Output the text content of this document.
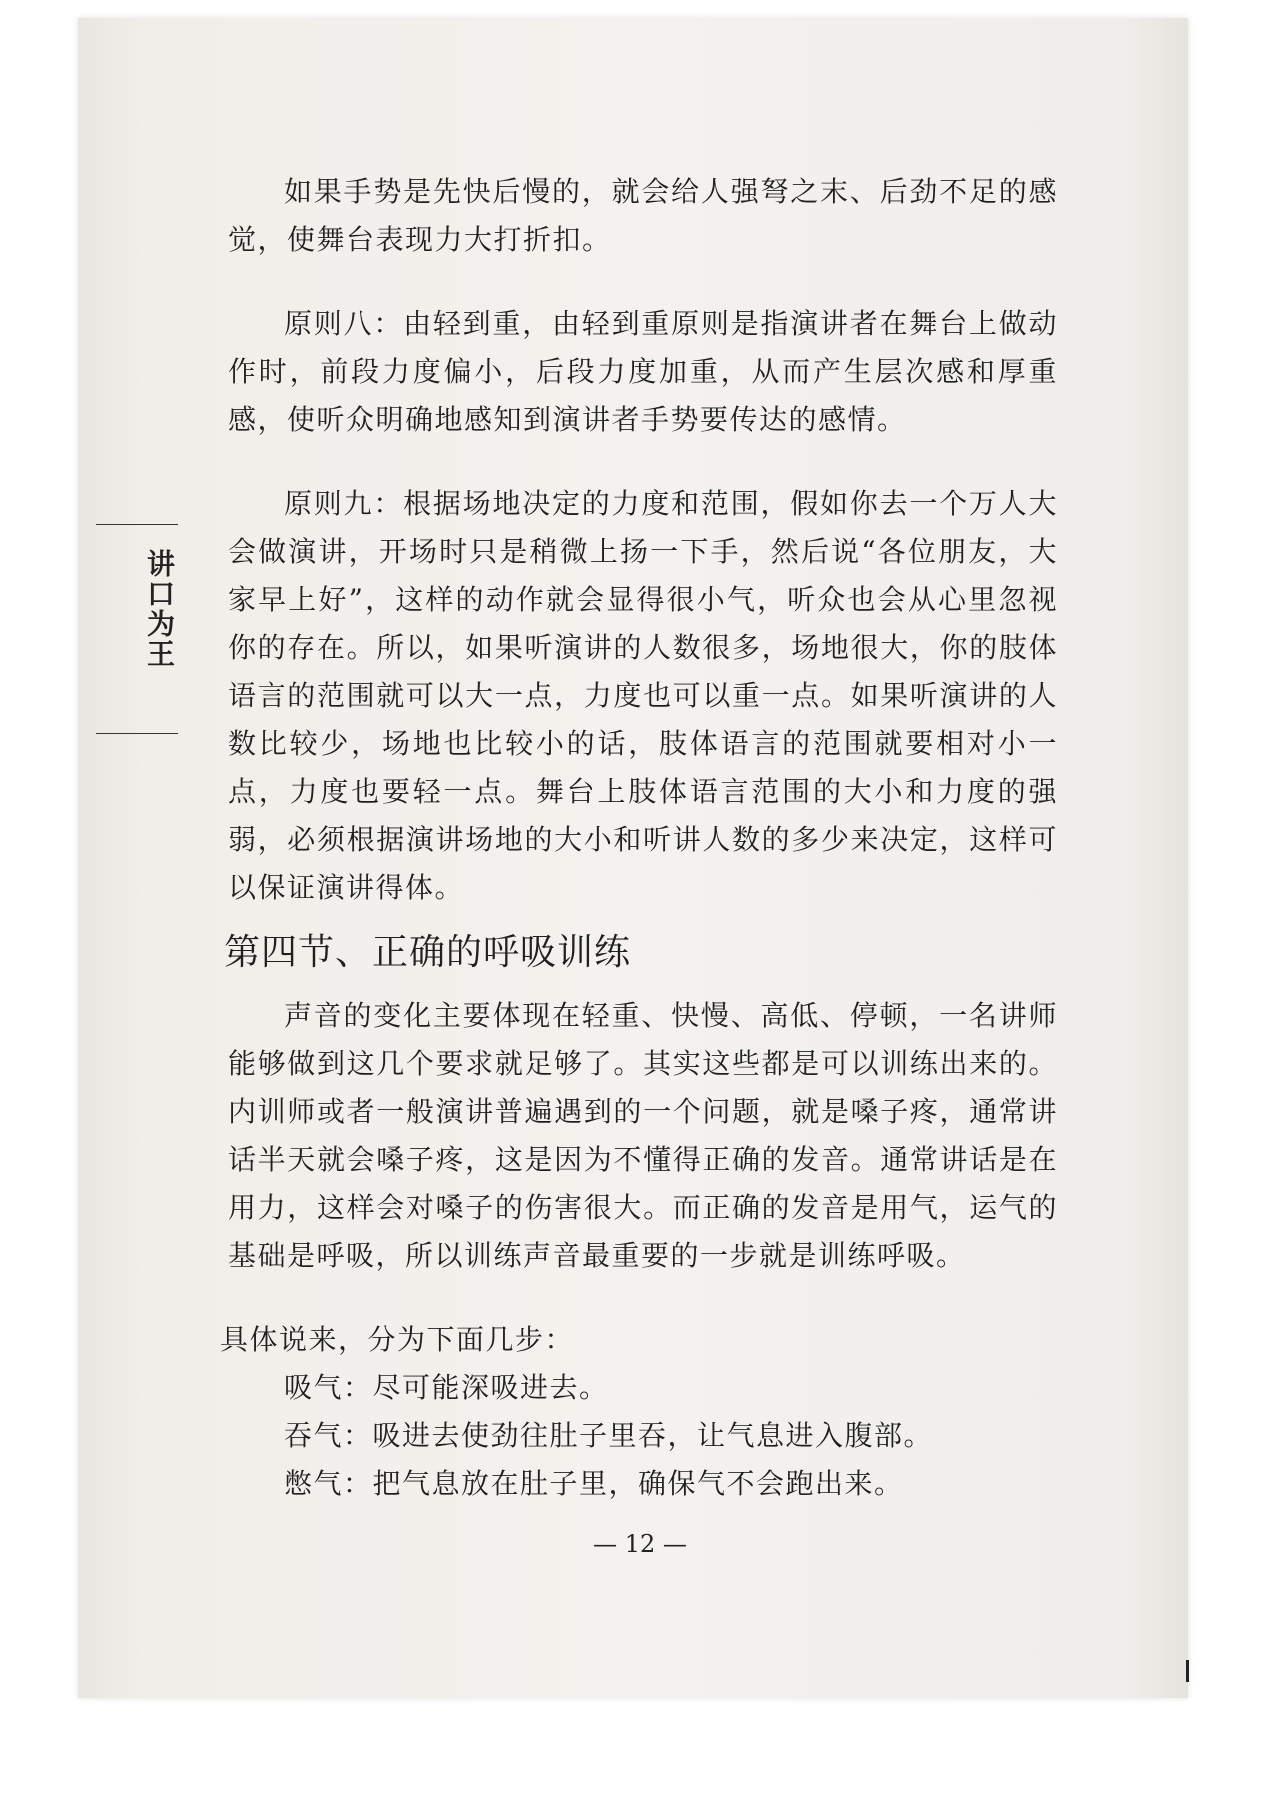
讲口为王

如果手势是先快后慢的，就会给人强弩之末、后劲不足的感觉，使舞台表现力大打折扣。

原则八：由轻到重，由轻到重原则是指演讲者在舞台上做动作时，前段力度偏小，后段力度加重，从而产生层次感和厚重感，使听众明确地感知到演讲者手势要传达的感情。

原则九：根据场地决定的力度和范围，假如你去一个万人大会做演讲，开场时只是稍微上扬一下手，然后说“各位朋友，大家早上好”，这样的动作就会显得很小气，听众也会从心里忽视你的存在。所以，如果听演讲的人数很多，场地很大，你的肢体语言的范围就可以大一点，力度也可以重一点。如果听演讲的人数比较少，场地也比较小的话，肢体语言的范围就要相对小一点，力度也要轻一点。舞台上肢体语言范围的大小和力度的强弱，必须根据演讲场地的大小和听讲人数的多少来决定，这样可以保证演讲得体。

第四节、正确的呼吸训练

声音的变化主要体现在轻重、快慢、高低、停顿，一名讲师能够做到这几个要求就足够了。其实这些都是可以训练出来的。内训师或者一般演讲普遍遇到的一个问题，就是嗓子疼，通常讲话半天就会嗓子疼，这是因为不懂得正确的发音。通常讲话是在用力，这样会对嗓子的伤害很大。而正确的发音是用气，运气的基础是呼吸，所以训练声音最重要的一步就是训练呼吸。

具体说来，分为下面几步：

吸气：尽可能深吸进去。
吞气：吸进去使劲往肚子里吞，让气息进入腹部。
憋气：把气息放在肚子里，确保气不会跑出来。
— 12 —
